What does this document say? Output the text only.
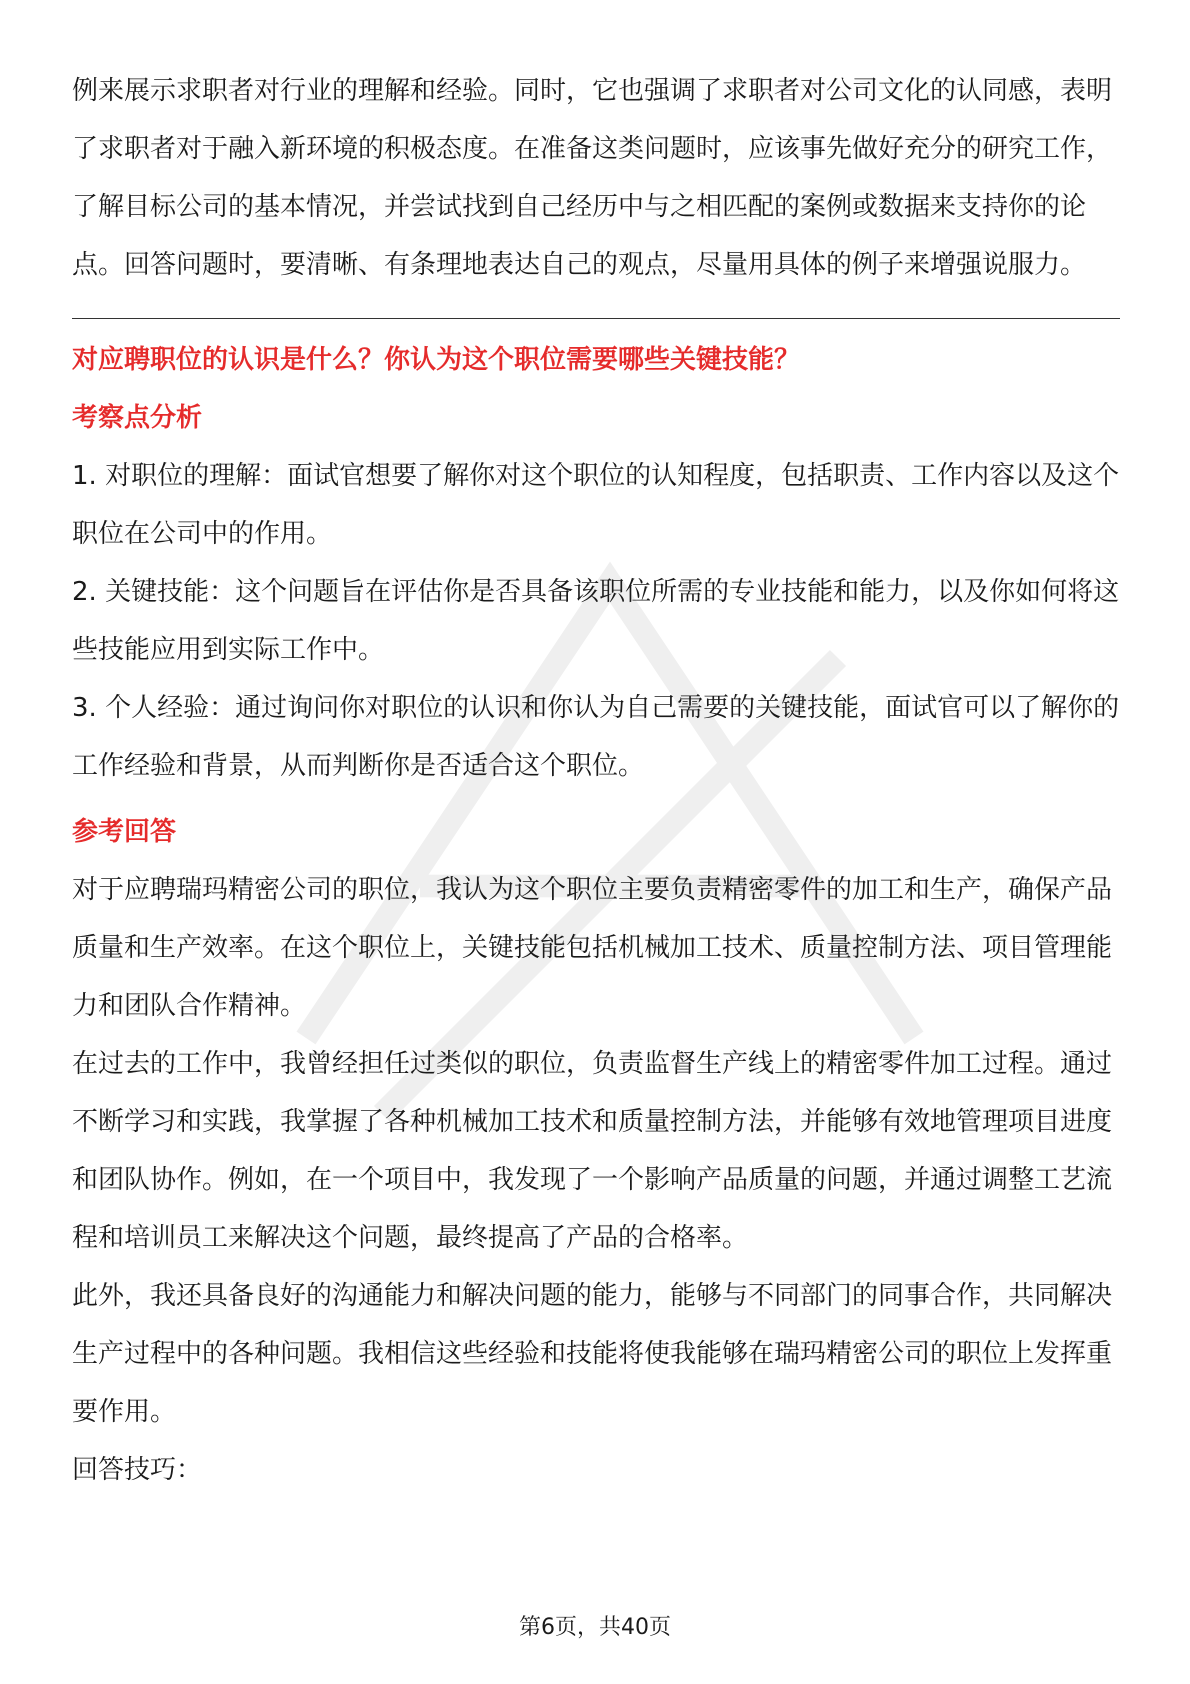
例来展示求职者对行业的理解和经验。同时，它也强调了求职者对公司文化的认同感，表明了求职者对于融入新环境的积极态度。在准备这类问题时，应该事先做好充分的研究工作，了解目标公司的基本情况，并尝试找到自己经历中与之相匹配的案例或数据来支持你的论点。回答问题时，要清晰、有条理地表达自己的观点，尽量用具体的例子来增强说服力。

对应聘职位的认识是什么？你认为这个职位需要哪些关键技能？
考察点分析

1. 对职位的理解：面试官想要了解你对这个职位的认知程度，包括职责、工作内容以及这个职位在公司中的作用。

2. 关键技能：这个问题旨在评估你是否具备该职位所需的专业技能和能力，以及你如何将这些技能应用到实际工作中。

3. 个人经验：通过询问你对职位的认识和你认为自己需要的关键技能，面试官可以了解你的工作经验和背景，从而判断你是否适合这个职位。

参考回答

对于应聘瑞玛精密公司的职位，我认为这个职位主要负责精密零件的加工和生产，确保产品质量和生产效率。在这个职位上，关键技能包括机械加工技术、质量控制方法、项目管理能力和团队合作精神。

在过去的工作中，我曾经担任过类似的职位，负责监督生产线上的精密零件加工过程。通过不断学习和实践，我掌握了各种机械加工技术和质量控制方法，并能够有效地管理项目进度和团队协作。例如，在一个项目中，我发现了一个影响产品质量的问题，并通过调整工艺流程和培训员工来解决这个问题，最终提高了产品的合格率。

此外，我还具备良好的沟通能力和解决问题的能力，能够与不同部门的同事合作，共同解决生产过程中的各种问题。我相信这些经验和技能将使我能够在瑞玛精密公司的职位上发挥重要作用。

回答技巧：

第6页，共40页
